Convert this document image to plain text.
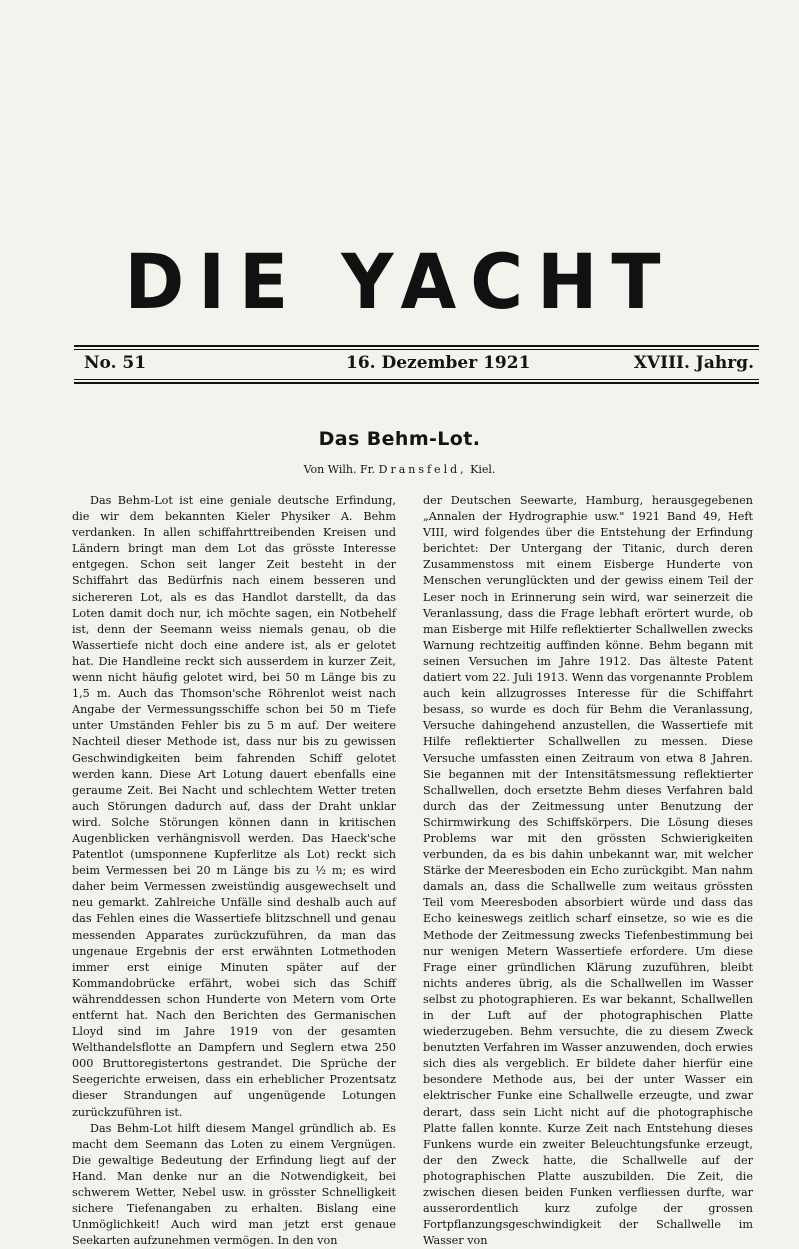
DIE YACHT
No. 51	16. Dezember 1921	XVIII. Jahrg.
Das Behm-Lot.
Von Wilh. Fr. Dransfeld, Kiel.

Das Behm-Lot ist eine geniale deutsche Erfindung, die wir dem bekannten Kieler Physiker A. Behm verdanken. In allen schiffahrttreibenden Kreisen und Ländern bringt man dem Lot das grösste Interesse entgegen. Schon seit langer Zeit besteht in der Schiffahrt das Bedürfnis nach einem besseren und sichereren Lot, als es das Handlot darstellt, da das Loten damit doch nur, ich möchte sagen, ein Notbehelf ist, denn der Seemann weiss niemals genau, ob die Wassertiefe nicht doch eine andere ist, als er gelotet hat. Die Handleine reckt sich ausserdem in kurzer Zeit, wenn nicht häufig gelotet wird, bei 50 m Länge bis zu 1,5 m. Auch das Thomson'sche Röhrenlot weist nach Angabe der Vermessungsschiffe schon bei 50 m Tiefe unter Umständen Fehler bis zu 5 m auf. Der weitere Nachteil dieser Methode ist, dass nur bis zu gewissen Geschwindigkeiten beim fahrenden Schiff gelotet werden kann. Diese Art Lotung dauert ebenfalls eine geraume Zeit. Bei Nacht und schlechtem Wetter treten auch Störungen dadurch auf, dass der Draht unklar wird. Solche Störungen können dann in kritischen Augenblicken verhängnisvoll werden. Das Haeck'sche Patentlot (umsponnene Kupferlitze als Lot) reckt sich beim Vermessen bei 20 m Länge bis zu ½ m; es wird daher beim Vermessen zweistündig ausgewechselt und neu gemarkt. Zahlreiche Unfälle sind deshalb auch auf das Fehlen eines die Wassertiefe blitzschnell und genau messenden Apparates zurückzuführen, da man das ungenaue Ergebnis der erst erwähnten Lotmethoden immer erst einige Minuten später auf der Kommandobrücke erfährt, wobei sich das Schiff währenddessen schon Hunderte von Metern vom Orte entfernt hat. Nach den Berichten des Germanischen Lloyd sind im Jahre 1919 von der gesamten Welthandelsflotte an Dampfern und Seglern etwa 250 000 Bruttoregistertons gestrandet. Die Sprüche der Seegerichte erweisen, dass ein erheblicher Prozentsatz dieser Strandungen auf ungenügende Lotungen zurückzuführen ist.

Das Behm-Lot hilft diesem Mangel gründlich ab. Es macht dem Seemann das Loten zu einem Vergnügen. Die gewaltige Bedeutung der Erfindung liegt auf der Hand. Man denke nur an die Notwendigkeit, bei schwerem Wetter, Nebel usw. in grösster Schnelligkeit sichere Tiefenangaben zu erhalten. Bislang eine Unmöglichkeit! Auch wird man jetzt erst genaue Seekarten aufzunehmen vermögen. In den von

der Deutschen Seewarte, Hamburg, herausgegebenen „Annalen der Hydrographie usw." 1921 Band 49, Heft VIII, wird folgendes über die Entstehung der Erfindung berichtet: Der Untergang der Titanic, durch deren Zusammenstoss mit einem Eisberge Hunderte von Menschen verunglückten und der gewiss einem Teil der Leser noch in Erinnerung sein wird, war seinerzeit die Veranlassung, dass die Frage lebhaft erörtert wurde, ob man Eisberge mit Hilfe reflektierter Schallwellen zwecks Warnung rechtzeitig auffinden könne. Behm begann mit seinen Versuchen im Jahre 1912. Das älteste Patent datiert vom 22. Juli 1913. Wenn das vorgenannte Problem auch kein allzugrosses Interesse für die Schiffahrt besass, so wurde es doch für Behm die Veranlassung, Versuche dahingehend anzustellen, die Wassertiefe mit Hilfe reflektierter Schallwellen zu messen. Diese Versuche umfassten einen Zeitraum von etwa 8 Jahren. Sie begannen mit der Intensitätsmessung reflektierter Schallwellen, doch ersetzte Behm dieses Verfahren bald durch das der Zeitmessung unter Benutzung der Schirmwirkung des Schiffskörpers. Die Lösung dieses Problems war mit den grössten Schwierigkeiten verbunden, da es bis dahin unbekannt war, mit welcher Stärke der Meeresboden ein Echo zurückgibt. Man nahm damals an, dass die Schallwelle zum weitaus grössten Teil vom Meeresboden absorbiert würde und dass das Echo keineswegs zeitlich scharf einsetze, so wie es die Methode der Zeitmessung zwecks Tiefenbestimmung bei nur wenigen Metern Wassertiefe erfordere. Um diese Frage einer gründlichen Klärung zuzuführen, bleibt nichts anderes übrig, als die Schallwellen im Wasser selbst zu photographieren. Es war bekannt, Schallwellen in der Luft auf der photographischen Platte wiederzugeben. Behm versuchte, die zu diesem Zweck benutzten Verfahren im Wasser anzuwenden, doch erwies sich dies als vergeblich. Er bildete daher hierfür eine besondere Methode aus, bei der unter Wasser ein elektrischer Funke eine Schallwelle erzeugte, und zwar derart, dass sein Licht nicht auf die photographische Platte fallen konnte. Kurze Zeit nach Entstehung dieses Funkens wurde ein zweiter Beleuchtungsfunke erzeugt, der den Zweck hatte, die Schallwelle auf der photographischen Platte auszubilden. Die Zeit, die zwischen diesen beiden Funken verfliessen durfte, war ausserordentlich kurz zufolge der grossen Fortpflanzungsgeschwindigkeit der Schallwelle im Wasser von
